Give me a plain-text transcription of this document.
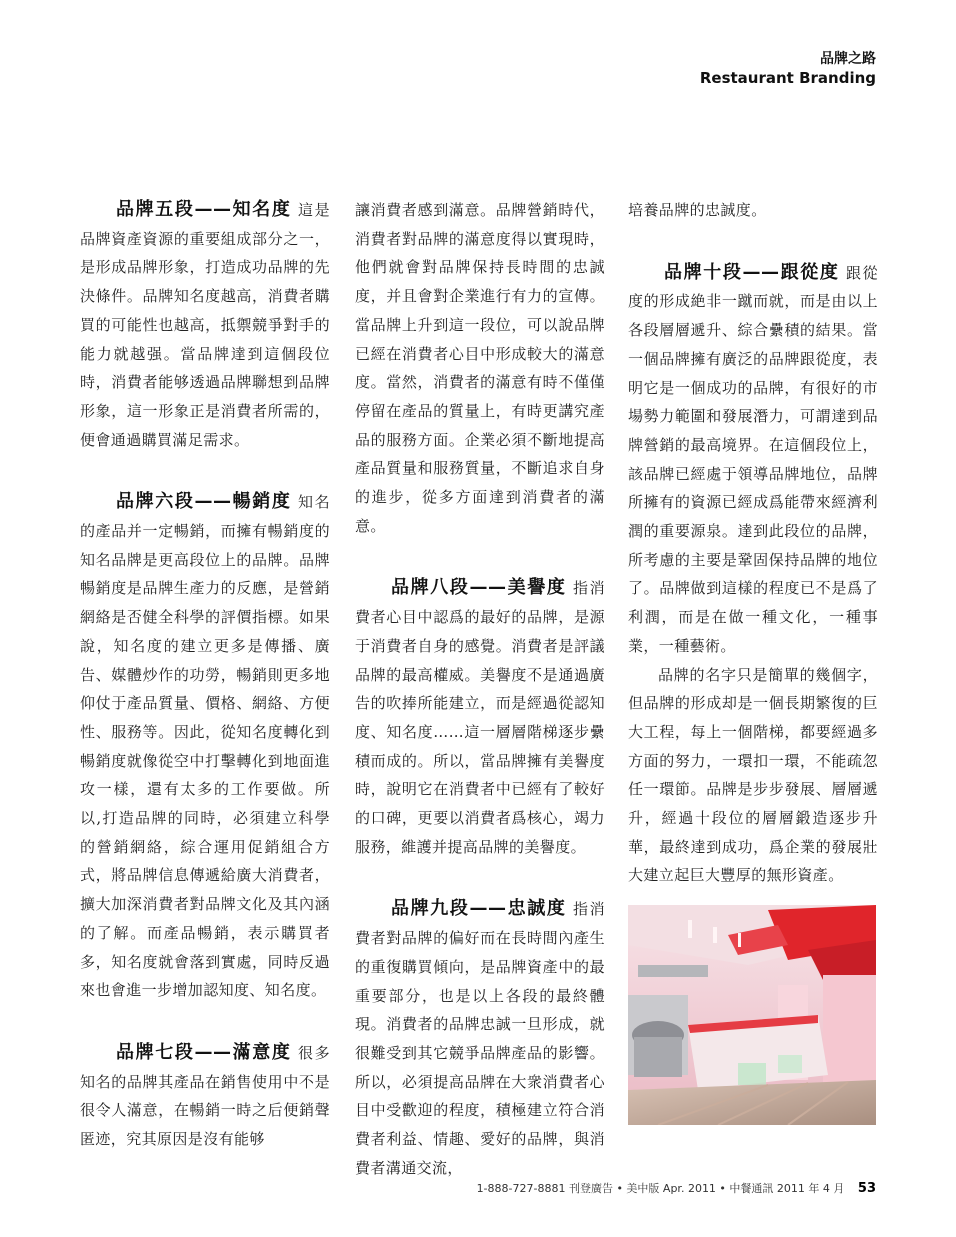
品牌之路
Restaurant Branding

品牌五段——知名度 這是品牌資產資源的重要組成部分之一，是形成品牌形象，打造成功品牌的先決條件。品牌知名度越高，消費者購買的可能性也越高，抵禦競爭對手的能力就越强。當品牌達到這個段位時，消費者能够透過品牌聯想到品牌形象，這一形象正是消費者所需的，便會通過購買滿足需求。

品牌六段——暢銷度 知名的產品并一定暢銷，而擁有暢銷度的知名品牌是更高段位上的品牌。品牌暢銷度是品牌生產力的反應，是營銷網絡是否健全科學的評價指標。如果說，知名度的建立更多是傳播、廣告、媒體炒作的功勞，暢銷則更多地仰仗于產品質量、價格、網絡、方便性、服務等。因此，從知名度轉化到暢銷度就像從空中打擊轉化到地面進攻一樣，還有太多的工作要做。所以,打造品牌的同時，必須建立科學的營銷網絡，綜合運用促銷組合方式，將品牌信息傳遞給廣大消費者，擴大加深消費者對品牌文化及其內涵的了解。而產品暢銷，表示購買者多，知名度就會落到實處，同時反過來也會進一步增加認知度、知名度。

品牌七段——滿意度 很多知名的品牌其產品在銷售使用中不是很令人滿意，在暢銷一時之后便銷聲匿迹，究其原因是沒有能够

讓消費者感到滿意。品牌營銷時代，消費者對品牌的滿意度得以實現時，他們就會對品牌保持長時間的忠誠度，并且會對企業進行有力的宣傳。當品牌上升到這一段位，可以說品牌已經在消費者心目中形成較大的滿意度。當然，消費者的滿意有時不僅僅停留在產品的質量上，有時更講究產品的服務方面。企業必須不斷地提高產品質量和服務質量，不斷追求自身的進步，從多方面達到消費者的滿意。

品牌八段——美譽度 指消費者心目中認爲的最好的品牌，是源于消費者自身的感覺。消費者是評議品牌的最高權威。美譽度不是通過廣告的吹捧所能建立，而是經過從認知度、知名度……這一層層階梯逐步纍積而成的。所以，當品牌擁有美譽度時，說明它在消費者中已經有了較好的口碑，更要以消費者爲核心，竭力服務，維護并提高品牌的美譽度。

品牌九段——忠誠度 指消費者對品牌的偏好而在長時間內產生的重復購買傾向，是品牌資產中的最重要部分，也是以上各段的最終體現。消費者的品牌忠誠一旦形成，就很難受到其它競爭品牌產品的影響。所以，必須提高品牌在大衆消費者心目中受歡迎的程度，積極建立符合消費者利益、情趣、愛好的品牌，與消費者溝通交流，

培養品牌的忠誠度。

品牌十段——跟從度 跟從度的形成絶非一蹴而就，而是由以上各段層層遞升、綜合纍積的結果。當一個品牌擁有廣泛的品牌跟從度，表明它是一個成功的品牌，有很好的市場勢力範圍和發展潛力，可謂達到品牌營銷的最高境界。在這個段位上，該品牌已經處于領導品牌地位，品牌所擁有的資源已經成爲能帶來經濟利潤的重要源泉。達到此段位的品牌，所考慮的主要是鞏固保持品牌的地位了。品牌做到這樣的程度已不是爲了利潤，而是在做一種文化，一種事業，一種藝術。

品牌的名字只是簡單的幾個字，但品牌的形成却是一個長期繁復的巨大工程，每上一個階梯，都要經過多方面的努力，一環扣一環，不能疏忽任一環節。品牌是步步發展、層層遞升，經過十段位的層層鍛造逐步升華，最終達到成功，爲企業的發展壯大建立起巨大豐厚的無形資產。

1-888-727-8881 刊登廣告 • 美中版 Apr. 2011 • 中餐通訊 2011 年 4 月 53
